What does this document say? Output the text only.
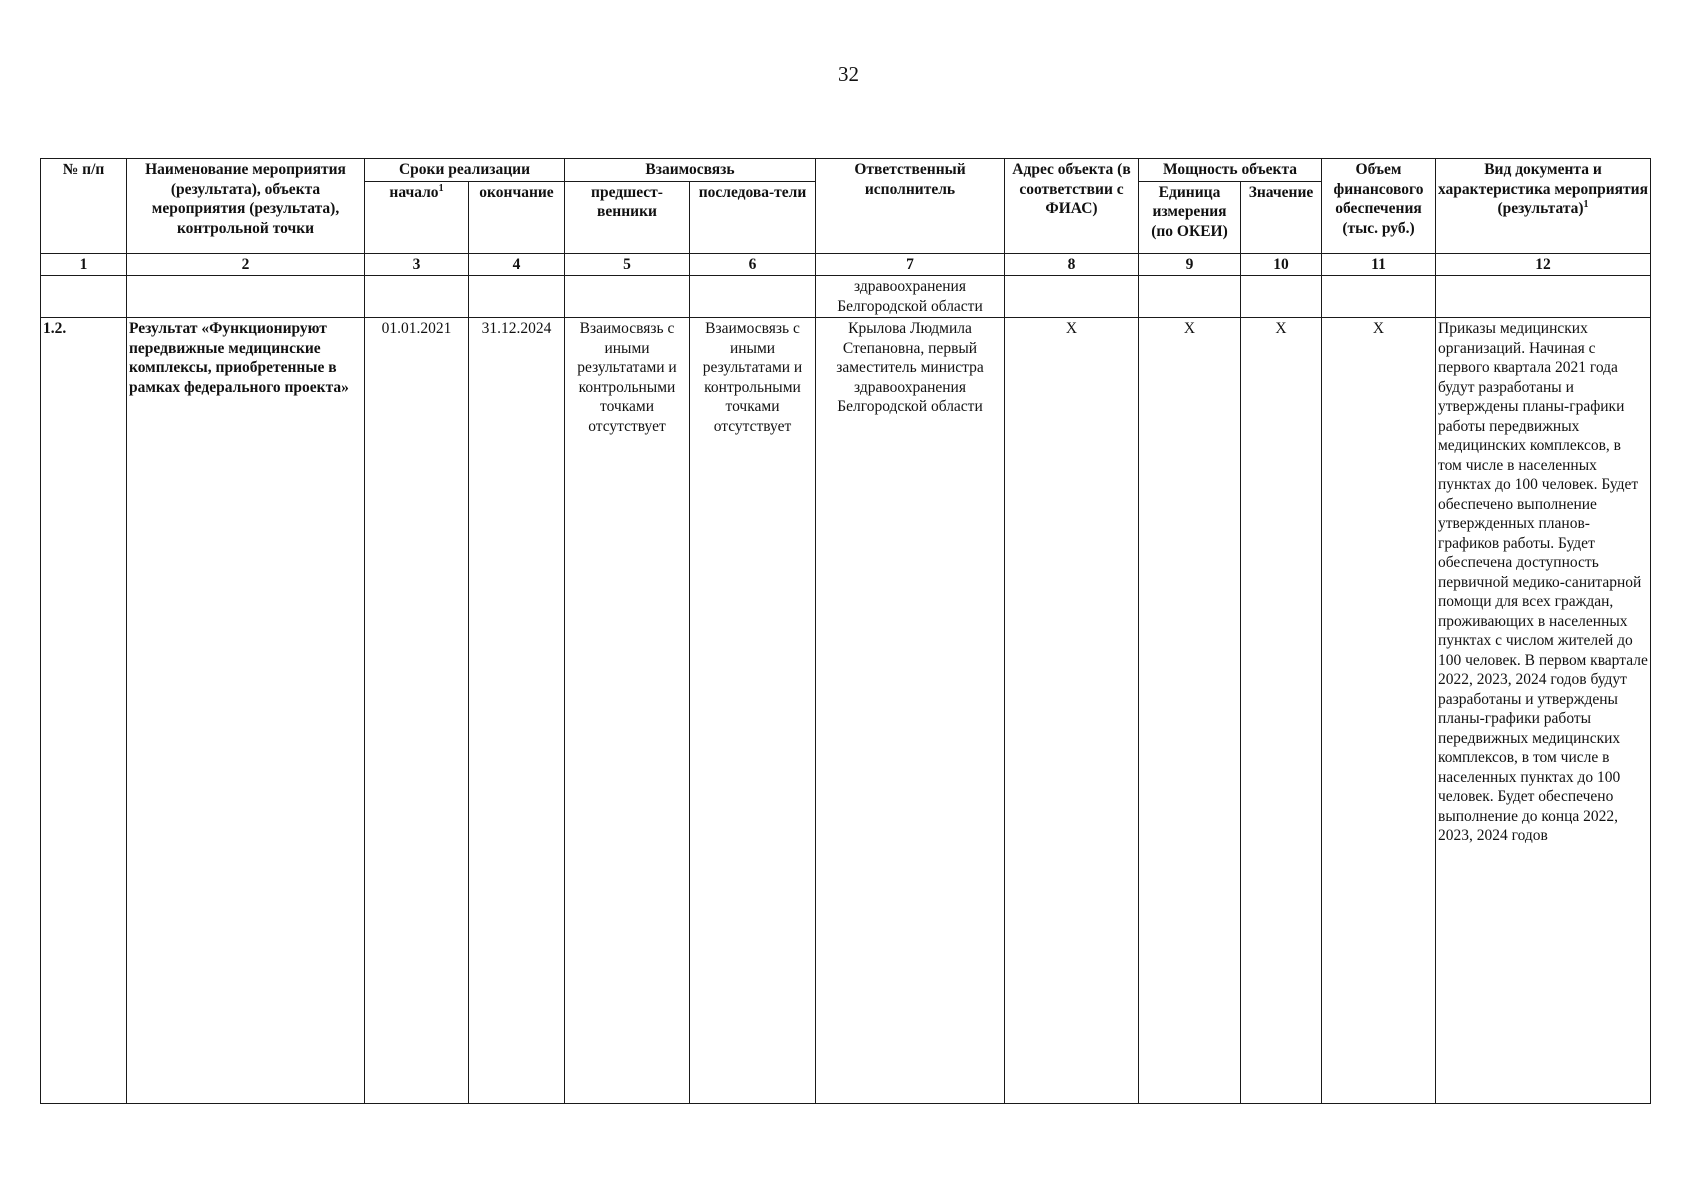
32
№ п/п	Наименование мероприятия (результата), объекта мероприятия (результата), контрольной точки	Сроки реализации		Взаимосвязь		Ответственный исполнитель	Адрес объекта (в соответствии с ФИАС)	Мощность объекта		Объем финансового обеспечения (тыс. руб.)	Вид документа и характеристика мероприятия (результата)$^1$
		начало$^1$	окончание	предшест-венники	последова-тели			Единица измерения (по ОКЕИ)	Значение		
1	2	3	4	5	6	7	8	9	10	11	12
						здравоохранения Белгородской области					
1.2.	Результат «Функционируют передвижные медицинские комплексы, приобретенные в рамках федерального проекта»	01.01.2021	31.12.2024	Взаимосвязь с иными результатами и контрольными точками отсутствует	Взаимосвязь с иными результатами и контрольными точками отсутствует	Крылова Людмила Степановна, первый заместитель министра здравоохранения Белгородской области	Х	Х	Х	Х	Приказы медицинских организаций. Начиная с первого квартала 2021 года будут разработаны и утверждены планы-графики работы передвижных медицинских комплексов, в том числе в населенных пунктах до 100 человек. Будет обеспечено выполнение утвержденных планов-графиков работы. Будет обеспечена доступность первичной медико-санитарной помощи для всех граждан, проживающих в населенных пунктах с числом жителей до 100 человек. В первом квартале 2022, 2023, 2024 годов будут разработаны и утверждены планы-графики работы передвижных медицинских комплексов, в том числе в населенных пунктах до 100 человек. Будет обеспечено выполнение до конца 2022, 2023, 2024 годов
